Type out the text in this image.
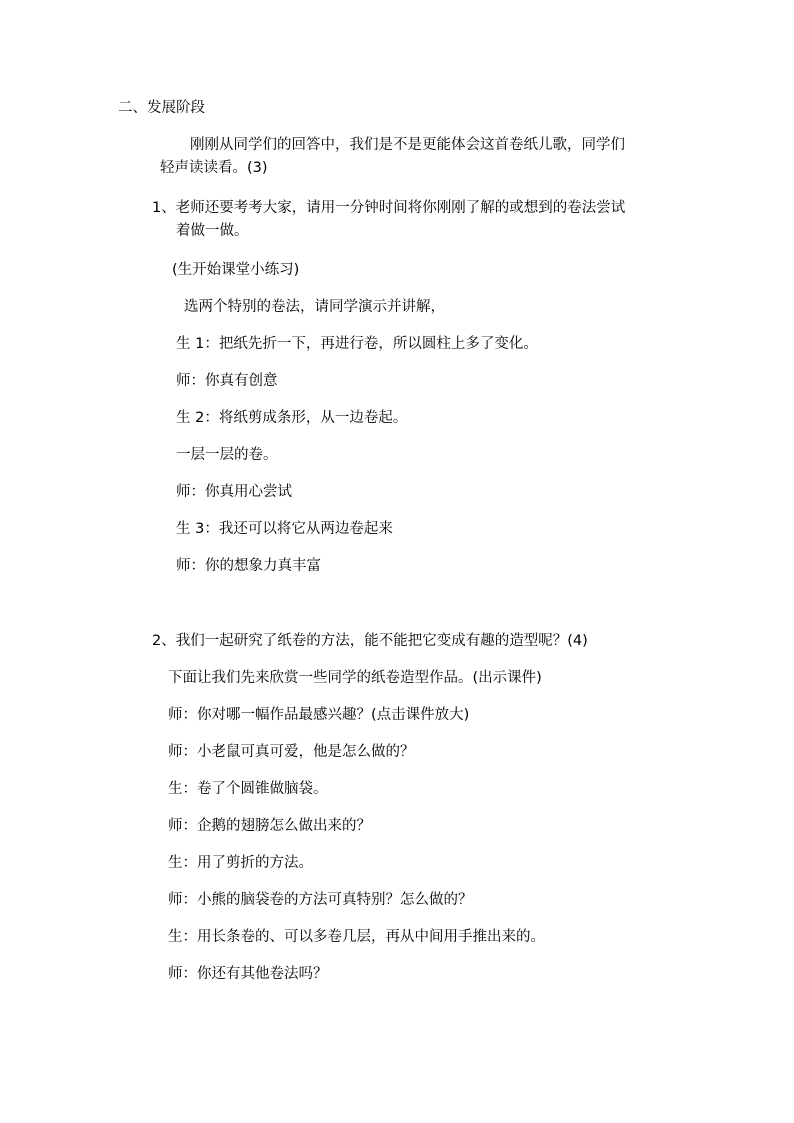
二、发展阶段
刚刚从同学们的回答中，我们是不是更能体会这首卷纸儿歌，同学们
轻声读读看。(3)
1、老师还要考考大家，请用一分钟时间将你刚刚了解的或想到的卷法尝试
着做一做。
(生开始课堂小练习)
选两个特别的卷法，请同学演示并讲解，
生 1：把纸先折一下，再进行卷，所以圆柱上多了变化。
师：你真有创意
生 2：将纸剪成条形，从一边卷起。
一层一层的卷。
师：你真用心尝试
生 3：我还可以将它从两边卷起来
师：你的想象力真丰富
2、我们一起研究了纸卷的方法，能不能把它变成有趣的造型呢？(4)
下面让我们先来欣赏一些同学的纸卷造型作品。(出示课件)
师：你对哪一幅作品最感兴趣？(点击课件放大)
师：小老鼠可真可爱，他是怎么做的？
生：卷了个圆锥做脑袋。
师：企鹅的翅膀怎么做出来的？
生：用了剪折的方法。
师：小熊的脑袋卷的方法可真特别？怎么做的？
生：用长条卷的、可以多卷几层，再从中间用手推出来的。
师：你还有其他卷法吗？
